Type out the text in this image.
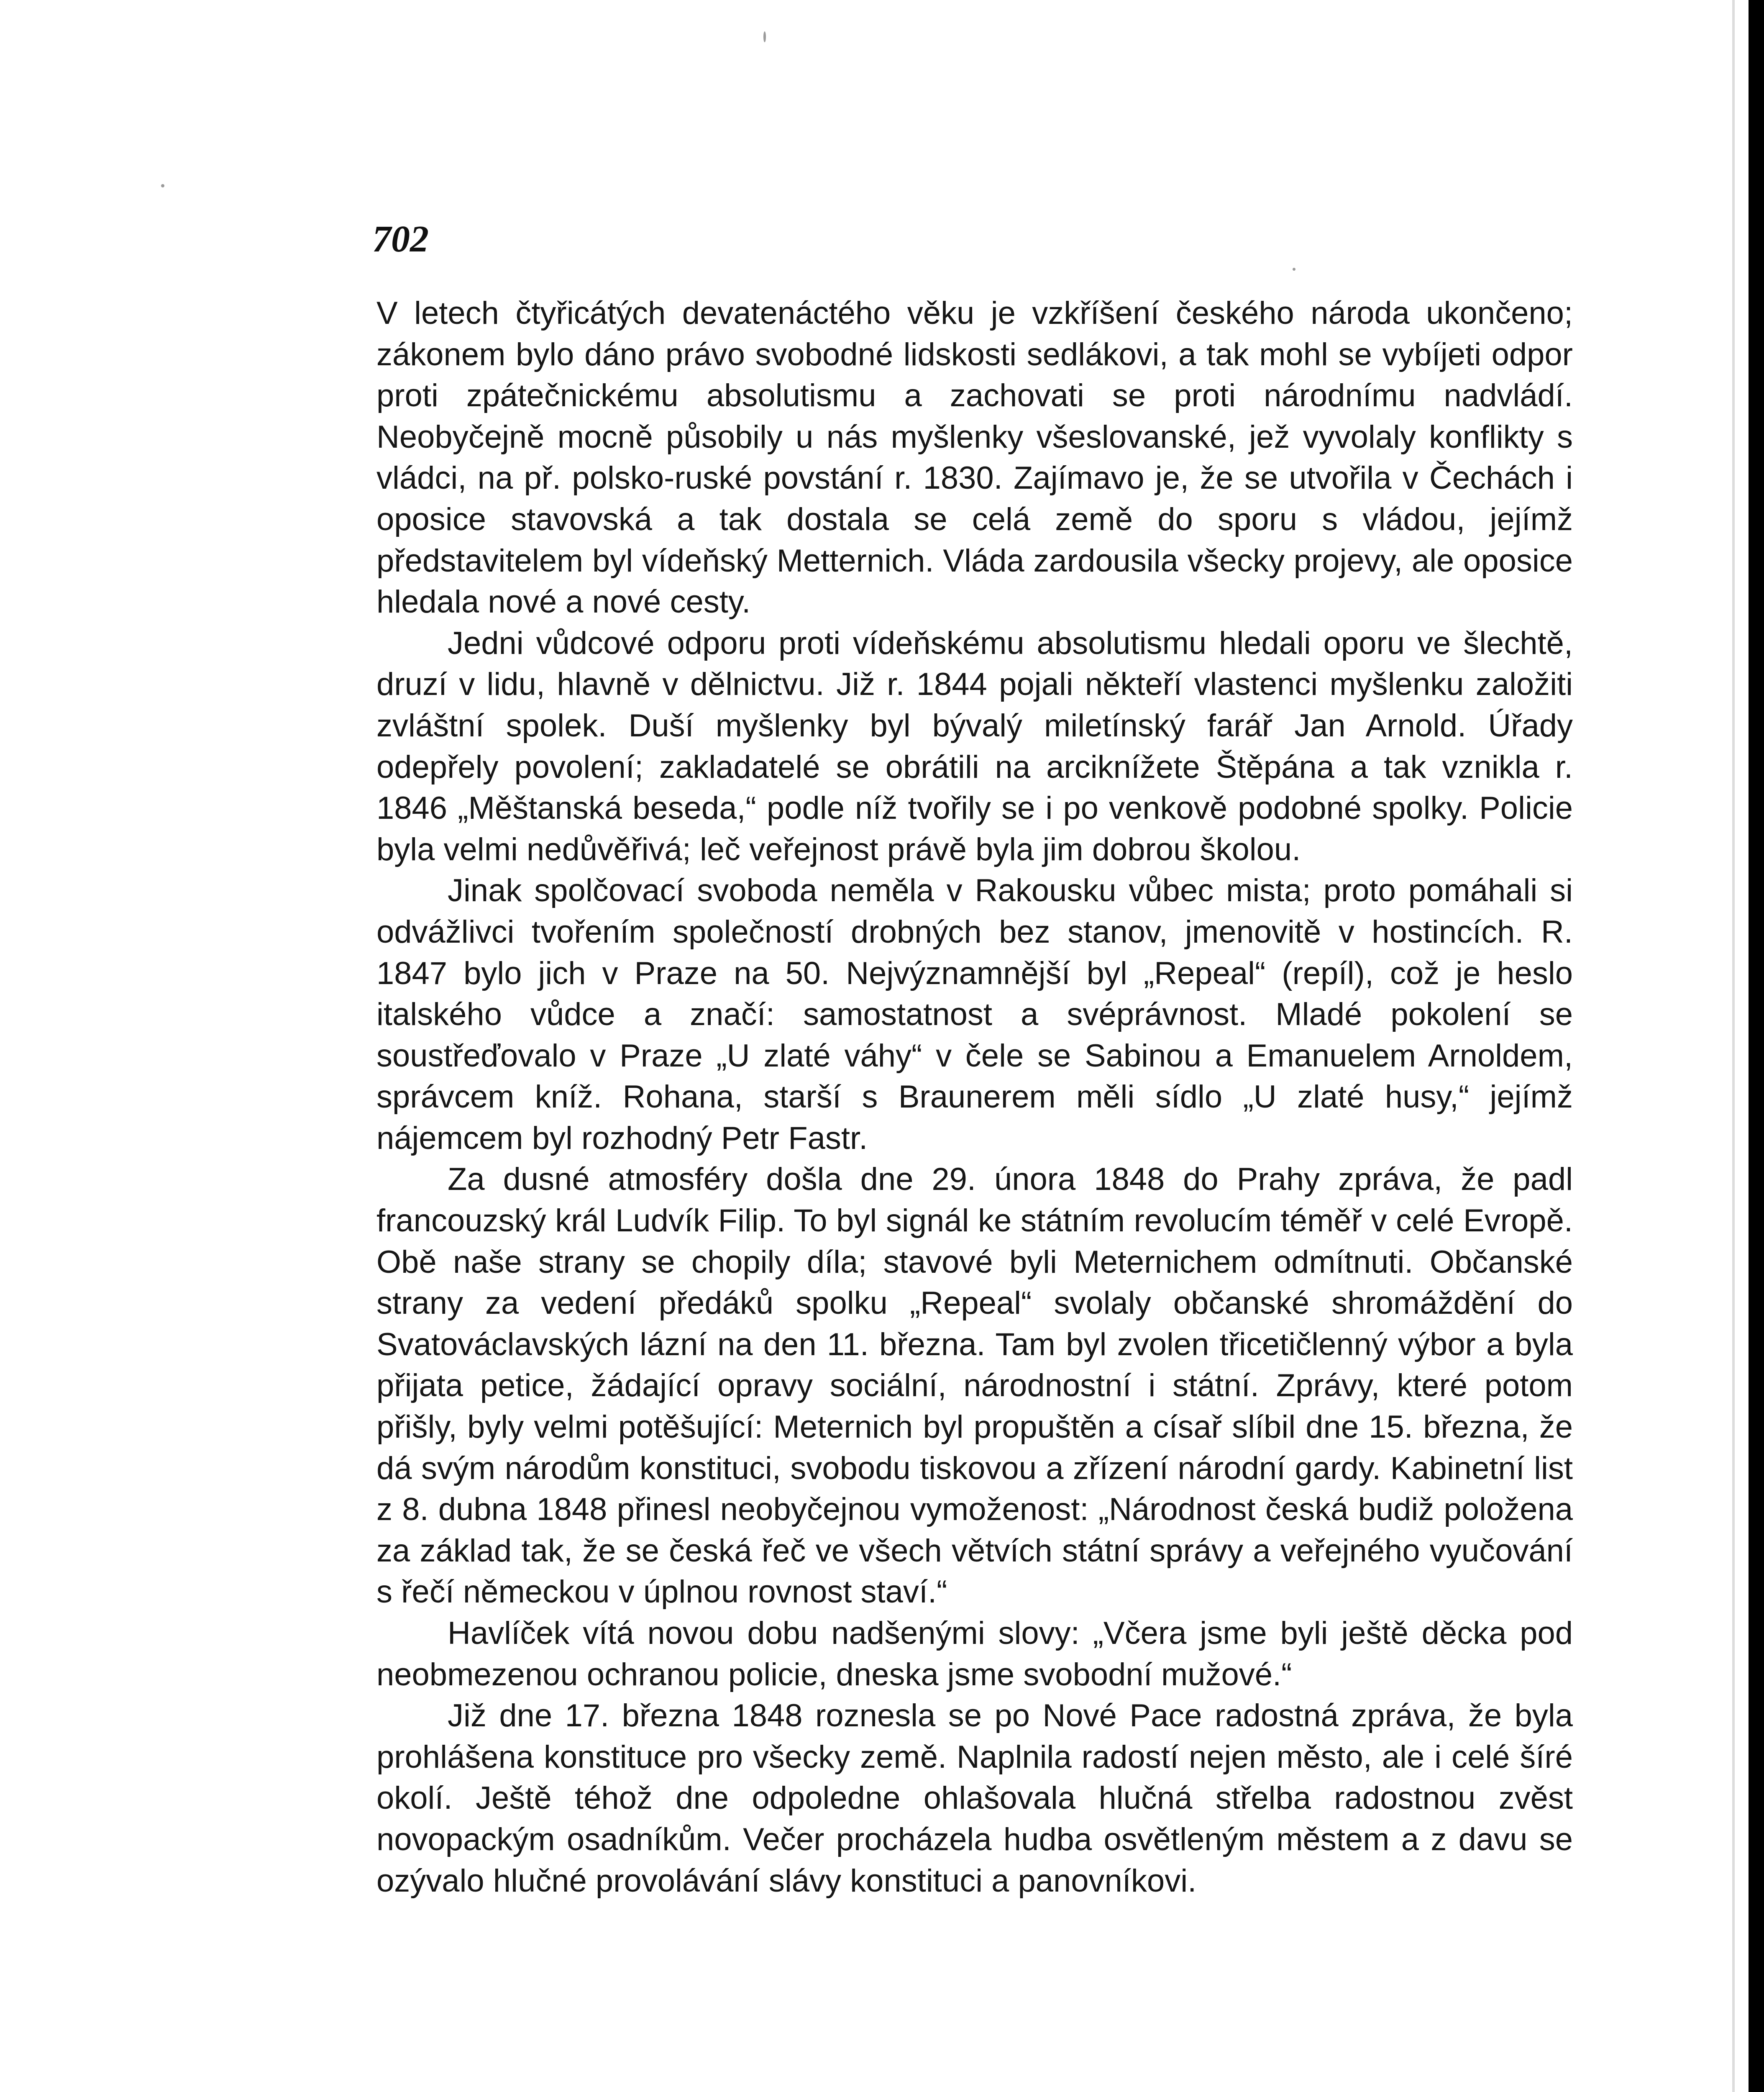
702

V letech čtyřicátých devatenáctého věku je vzkříšení českého národa ukončeno; zákonem bylo dáno právo svobodné lidskosti sedlákovi, a tak mohl se vybíjeti odpor proti zpátečnickému absolutismu a zachovati se proti národnímu nadvládí. Neobyčejně mocně působily u nás myšlenky všeslovanské, jež vyvolaly konflikty s vládci, na př. polsko-ruské povstání r. 1830. Zajímavo je, že se utvořila v Čechách i oposice stavovská a tak dostala se celá země do sporu s vládou, jejímž představitelem byl vídeňský Metternich. Vláda zardousila všecky projevy, ale oposice hledala nové a nové cesty.

Jedni vůdcové odporu proti vídeňskému absolutismu hledali oporu ve šlechtě, druzí v lidu, hlavně v dělnictvu. Již r. 1844 pojali někteří vlastenci myšlenku založiti zvláštní spolek. Duší myšlenky byl bývalý miletínský farář Jan Arnold. Úřady odepřely povolení; zakladatelé se obrátili na arciknížete Štěpána a tak vznikla r. 1846 „Měštanská beseda,“ podle níž tvořily se i po venkově podobné spolky. Policie byla velmi nedůvěřivá; leč veřejnost právě byla jim dobrou školou.

Jinak spolčovací svoboda neměla v Rakousku vůbec mista; proto pomáhali si odvážlivci tvořením společností drobných bez stanov, jmenovitě v hostincích. R. 1847 bylo jich v Praze na 50. Nejvýznamnější byl „Repeal“ (repíl), což je heslo italského vůdce a značí: samostatnost a svéprávnost. Mladé pokolení se soustřeďovalo v Praze „U zlaté váhy“ v čele se Sabinou a Emanuelem Arnoldem, správcem kníž. Rohana, starší s Braunerem měli sídlo „U zlaté husy,“ jejímž nájemcem byl rozhodný Petr Fastr.

Za dusné atmosféry došla dne 29. února 1848 do Prahy zpráva, že padl francouzský král Ludvík Filip. To byl signál ke státním revolucím téměř v celé Evropě. Obě naše strany se chopily díla; stavové byli Meternichem odmítnuti. Občanské strany za vedení předáků spolku „Repeal“ svolaly občanské shromáždění do Svatováclavských lázní na den 11. března. Tam byl zvolen třicetičlenný výbor a byla přijata petice, žádající opravy sociální, národnostní i státní. Zprávy, které potom přišly, byly velmi potěšující: Meternich byl propuštěn a císař slíbil dne 15. března, že dá svým národům konstituci, svobodu tiskovou a zřízení národní gardy. Kabinetní list z 8. dubna 1848 přinesl neobyčejnou vymoženost: „Národnost česká budiž položena za základ tak, že se česká řeč ve všech větvích státní správy a veřejného vyučování s řečí německou v úplnou rovnost staví.“

Havlíček vítá novou dobu nadšenými slovy: „Včera jsme byli ještě děcka pod neobmezenou ochranou policie, dneska jsme svobodní mužové.“

Již dne 17. března 1848 roznesla se po Nové Pace radostná zpráva, že byla prohlášena konstituce pro všecky země. Naplnila radostí nejen město, ale i celé šíré okolí. Ještě téhož dne odpoledne ohlašovala hlučná střelba radostnou zvěst novopackým osadníkům. Večer procházela hudba osvětleným městem a z davu se ozývalo hlučné provolávání slávy konstituci a panovníkovi.
